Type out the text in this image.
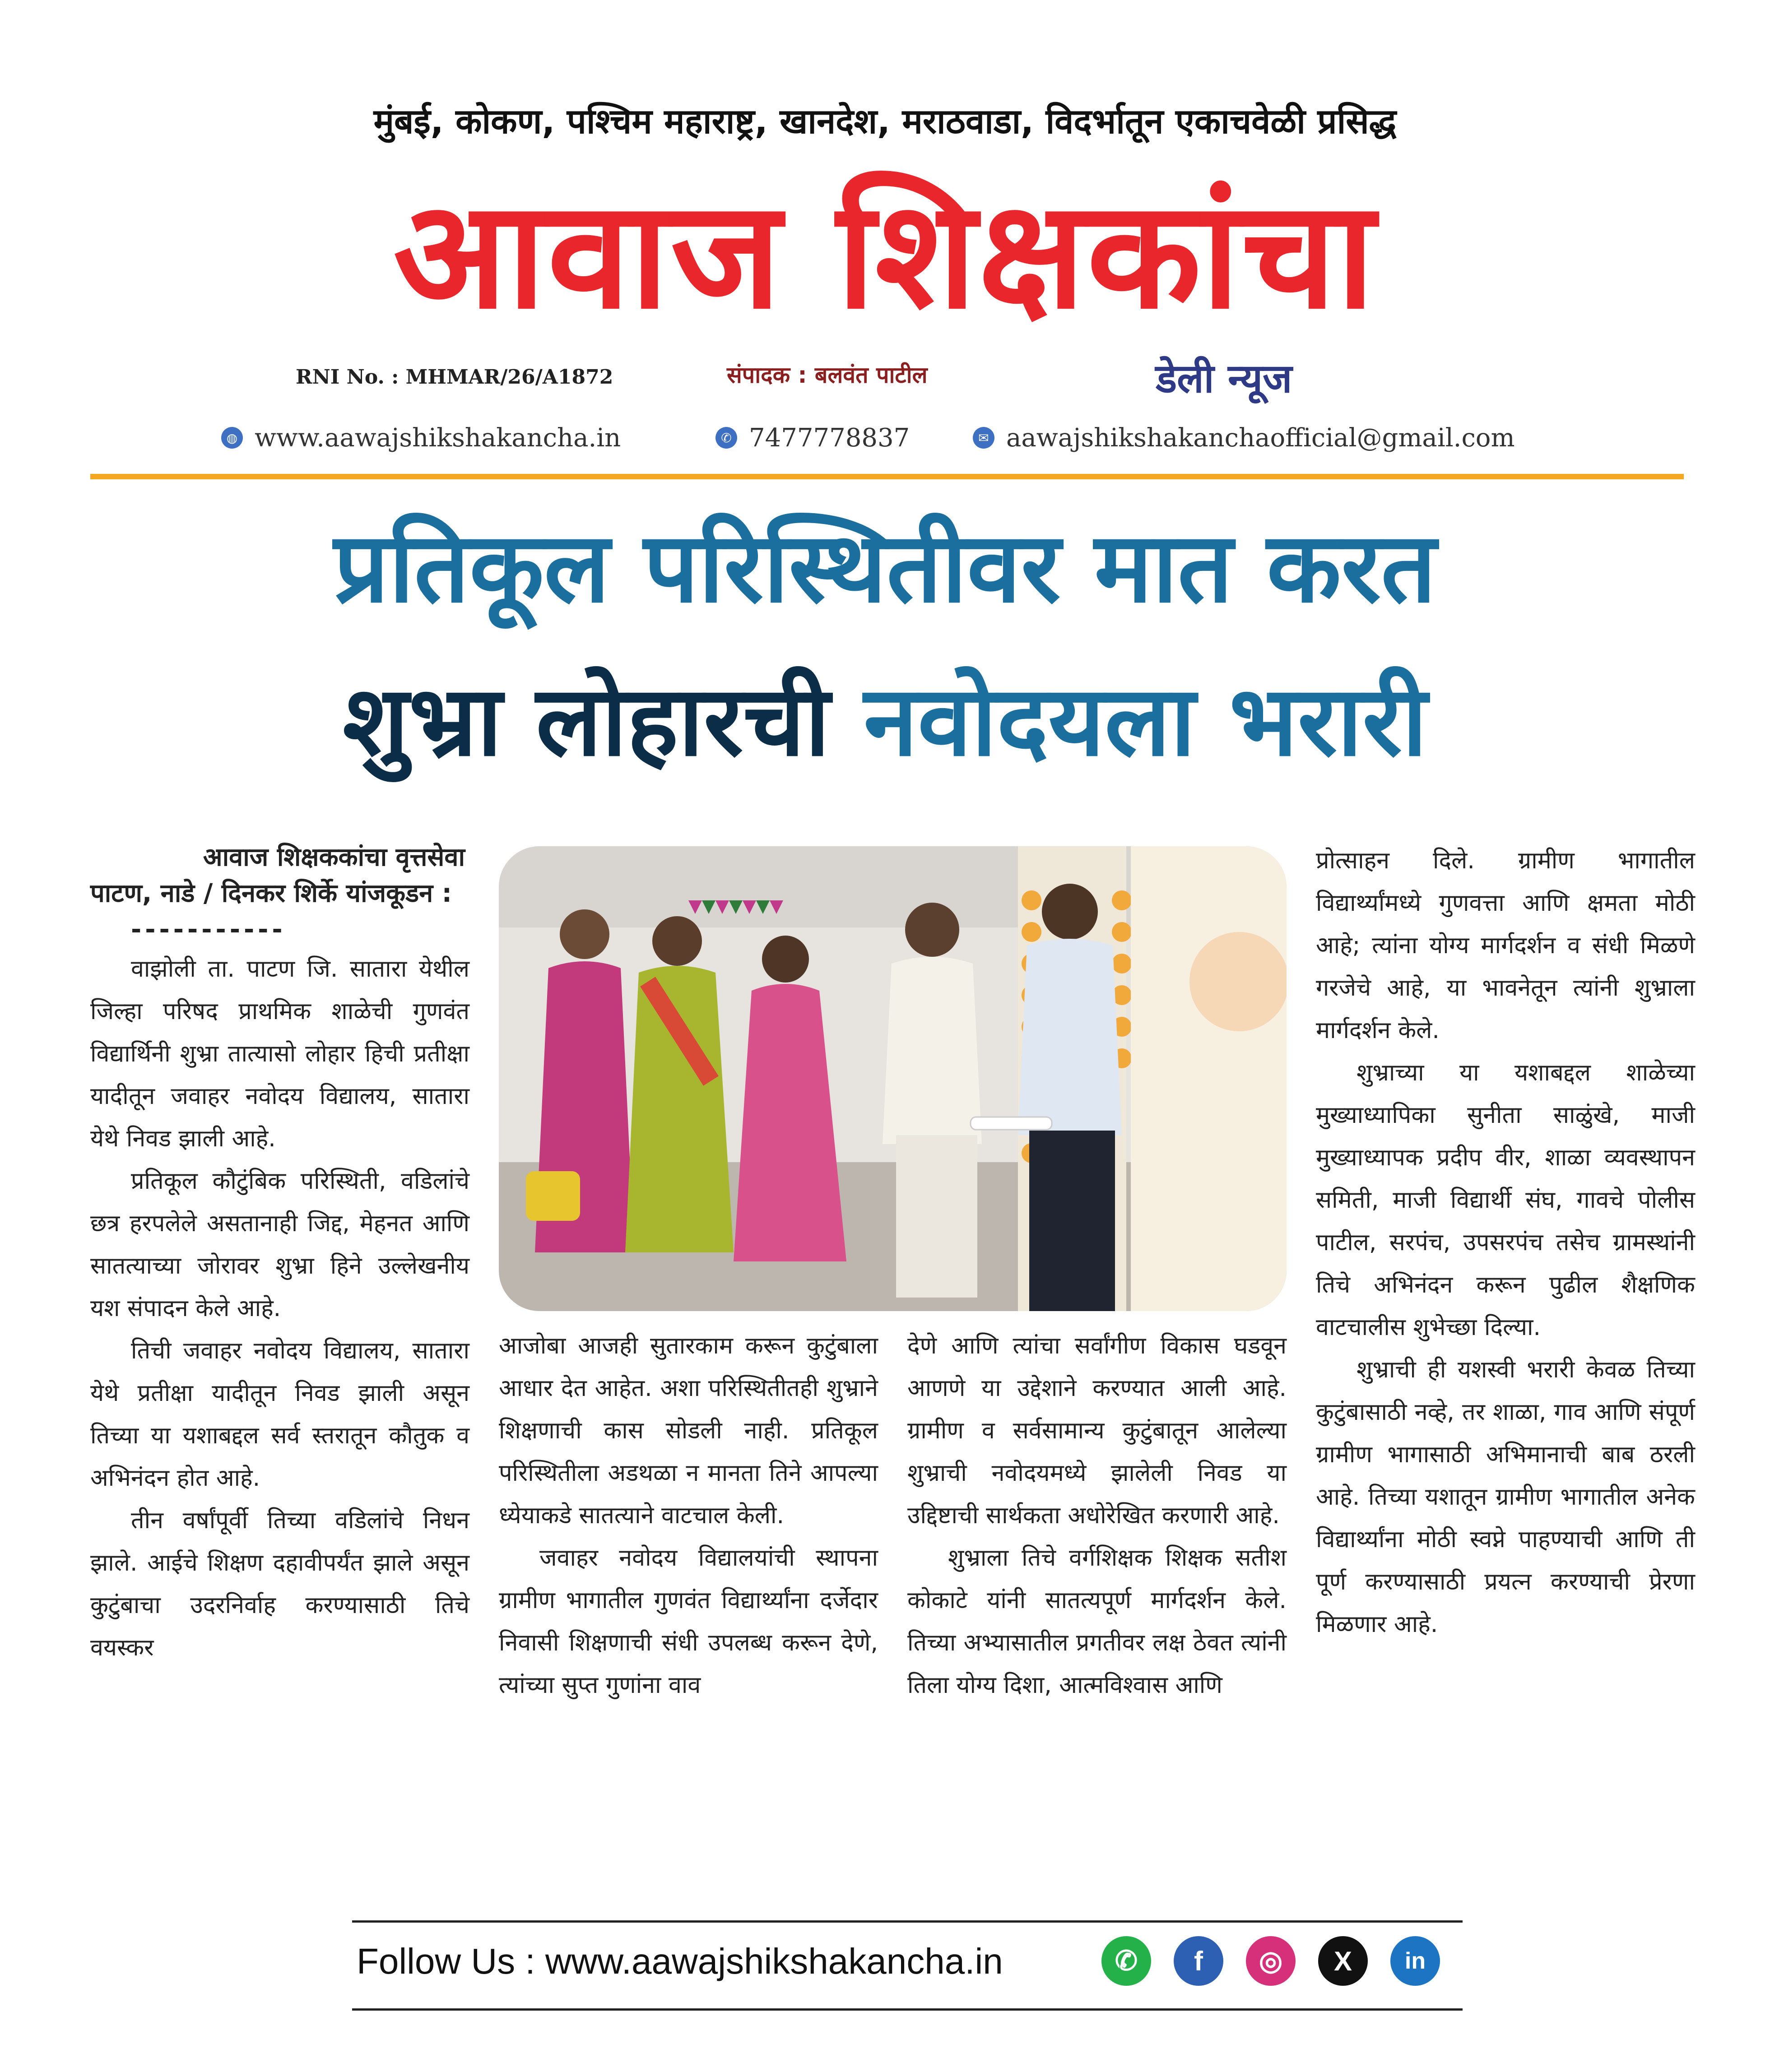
मुंबई, कोकण, पश्चिम महाराष्ट्र, खानदेश, मराठवाडा, विदर्भातून एकाचवेळी प्रसिद्ध
आवाज शिक्षकांचा
RNI No. : MHMAR/26/A1872	संपादक : बलवंत पाटील	डेली न्यूज
◍ www.aawajshikshakancha.in	✆ 7477778837	✉ aawajshikshakanchaofficial@gmail.com
प्रतिकूल परिस्थितीवर मात करत
शुभ्रा लोहारची नवोदयला भरारी
आवाज शिक्षककांचा वृत्तसेवा
पाटण, नाडे / दिनकर शिर्के यांजकूडन :
-----------

वाझोली ता. पाटण जि. सातारा येथील जिल्हा परिषद प्राथमिक शाळेची गुणवंत विद्यार्थिनी शुभ्रा तात्यासो लोहार हिची प्रतीक्षा यादीतून जवाहर नवोदय विद्यालय, सातारा येथे निवड झाली आहे.

प्रतिकूल कौटुंबिक परिस्थिती, वडिलांचे छत्र हरपलेले असतानाही जिद्द, मेहनत आणि सातत्याच्या जोरावर शुभ्रा हिने उल्लेखनीय यश संपादन केले आहे.

तिची जवाहर नवोदय विद्यालय, सातारा येथे प्रतीक्षा यादीतून निवड झाली असून तिच्या या यशाबद्दल सर्व स्तरातून कौतुक व अभिनंदन होत आहे.

तीन वर्षांपूर्वी तिच्या वडिलांचे निधन झाले. आईचे शिक्षण दहावीपर्यंत झाले असून कुटुंबाचा उदरनिर्वाह करण्यासाठी तिचे वयस्कर

आजोबा आजही सुतारकाम करून कुटुंबाला आधार देत आहेत. अशा परिस्थितीतही शुभ्राने शिक्षणाची कास सोडली नाही. प्रतिकूल परिस्थितीला अडथळा न मानता तिने आपल्या ध्येयाकडे सातत्याने वाटचाल केली.

जवाहर नवोदय विद्यालयांची स्थापना ग्रामीण भागातील गुणवंत विद्यार्थ्यांना दर्जेदार निवासी शिक्षणाची संधी उपलब्ध करून देणे, त्यांच्या सुप्त गुणांना वाव

देणे आणि त्यांचा सर्वांगीण विकास घडवून आणणे या उद्देशाने करण्यात आली आहे. ग्रामीण व सर्वसामान्य कुटुंबातून आलेल्या शुभ्राची नवोदयमध्ये झालेली निवड या उद्दिष्टाची सार्थकता अधोरेखित करणारी आहे.

शुभ्राला तिचे वर्गशिक्षक शिक्षक सतीश कोकाटे यांनी सातत्यपूर्ण मार्गदर्शन केले. तिच्या अभ्यासातील प्रगतीवर लक्ष ठेवत त्यांनी तिला योग्य दिशा, आत्मविश्वास आणि

प्रोत्साहन दिले. ग्रामीण भागातील विद्यार्थ्यांमध्ये गुणवत्ता आणि क्षमता मोठी आहे; त्यांना योग्य मार्गदर्शन व संधी मिळणे गरजेचे आहे, या भावनेतून त्यांनी शुभ्राला मार्गदर्शन केले.

शुभ्राच्या या यशाबद्दल शाळेच्या मुख्याध्यापिका सुनीता साळुंखे, माजी मुख्याध्यापक प्रदीप वीर, शाळा व्यवस्थापन समिती, माजी विद्यार्थी संघ, गावचे पोलीस पाटील, सरपंच, उपसरपंच तसेच ग्रामस्थांनी तिचे अभिनंदन करून पुढील शैक्षणिक वाटचालीस शुभेच्छा दिल्या.

शुभ्राची ही यशस्वी भरारी केवळ तिच्या कुटुंबासाठी नव्हे, तर शाळा, गाव आणि संपूर्ण ग्रामीण भागासाठी अभिमानाची बाब ठरली आहे. तिच्या यशातून ग्रामीण भागातील अनेक विद्यार्थ्यांना मोठी स्वप्ने पाहण्याची आणि ती पूर्ण करण्यासाठी प्रयत्न करण्याची प्रेरणा मिळणार आहे.

Follow Us : www.aawajshikshakancha.in	✆ f ◎ X in
